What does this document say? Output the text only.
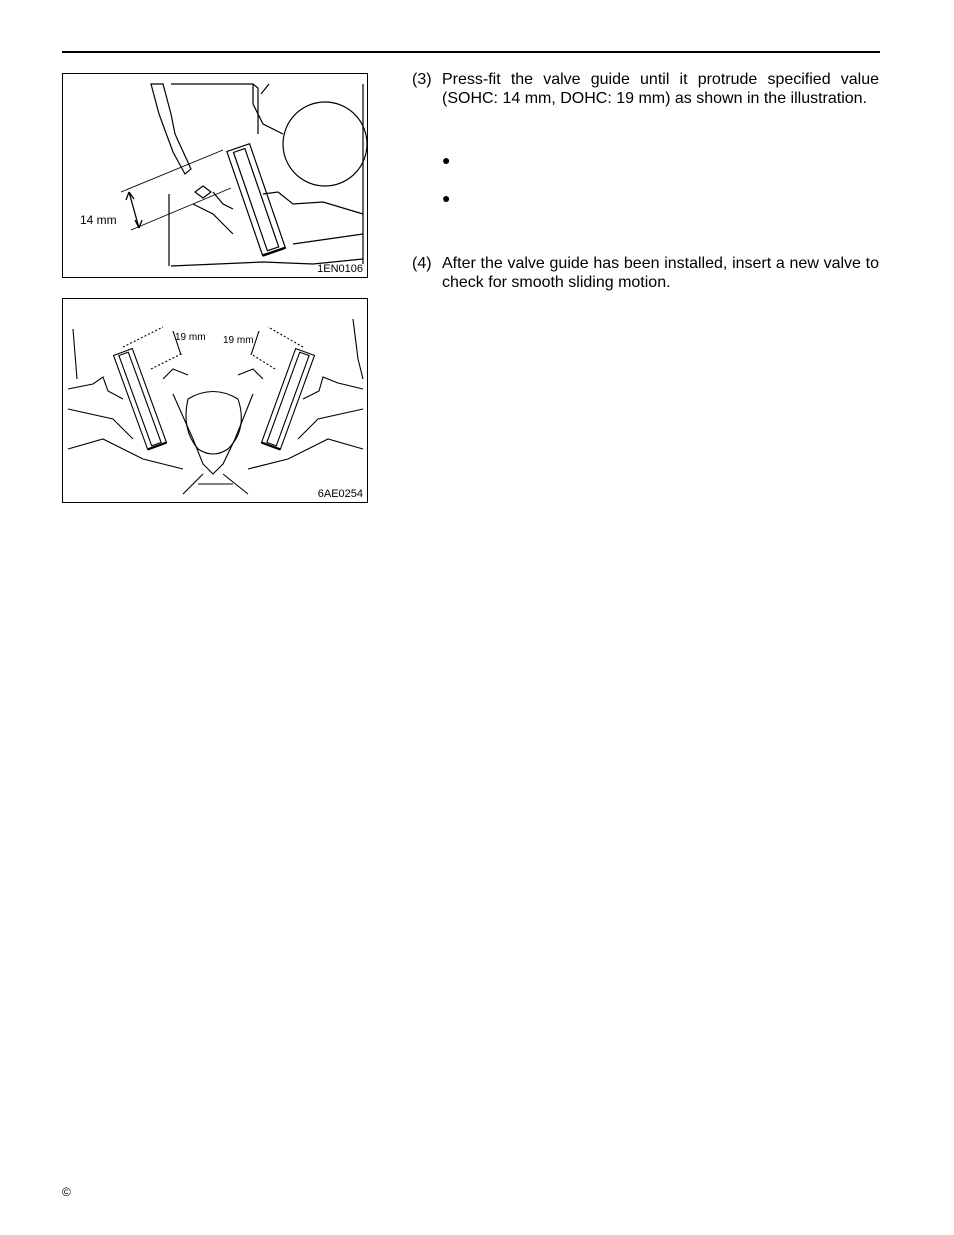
14 mm
1EN0106
19 mm 19 mm
6AE0254
(3) Press-fit the valve guide until it protrude specified value (SOHC: 14 mm, DOHC: 19 mm) as shown in the illustration.
●
●
(4) After the valve guide has been installed, insert a new valve to check for smooth sliding motion.
©
